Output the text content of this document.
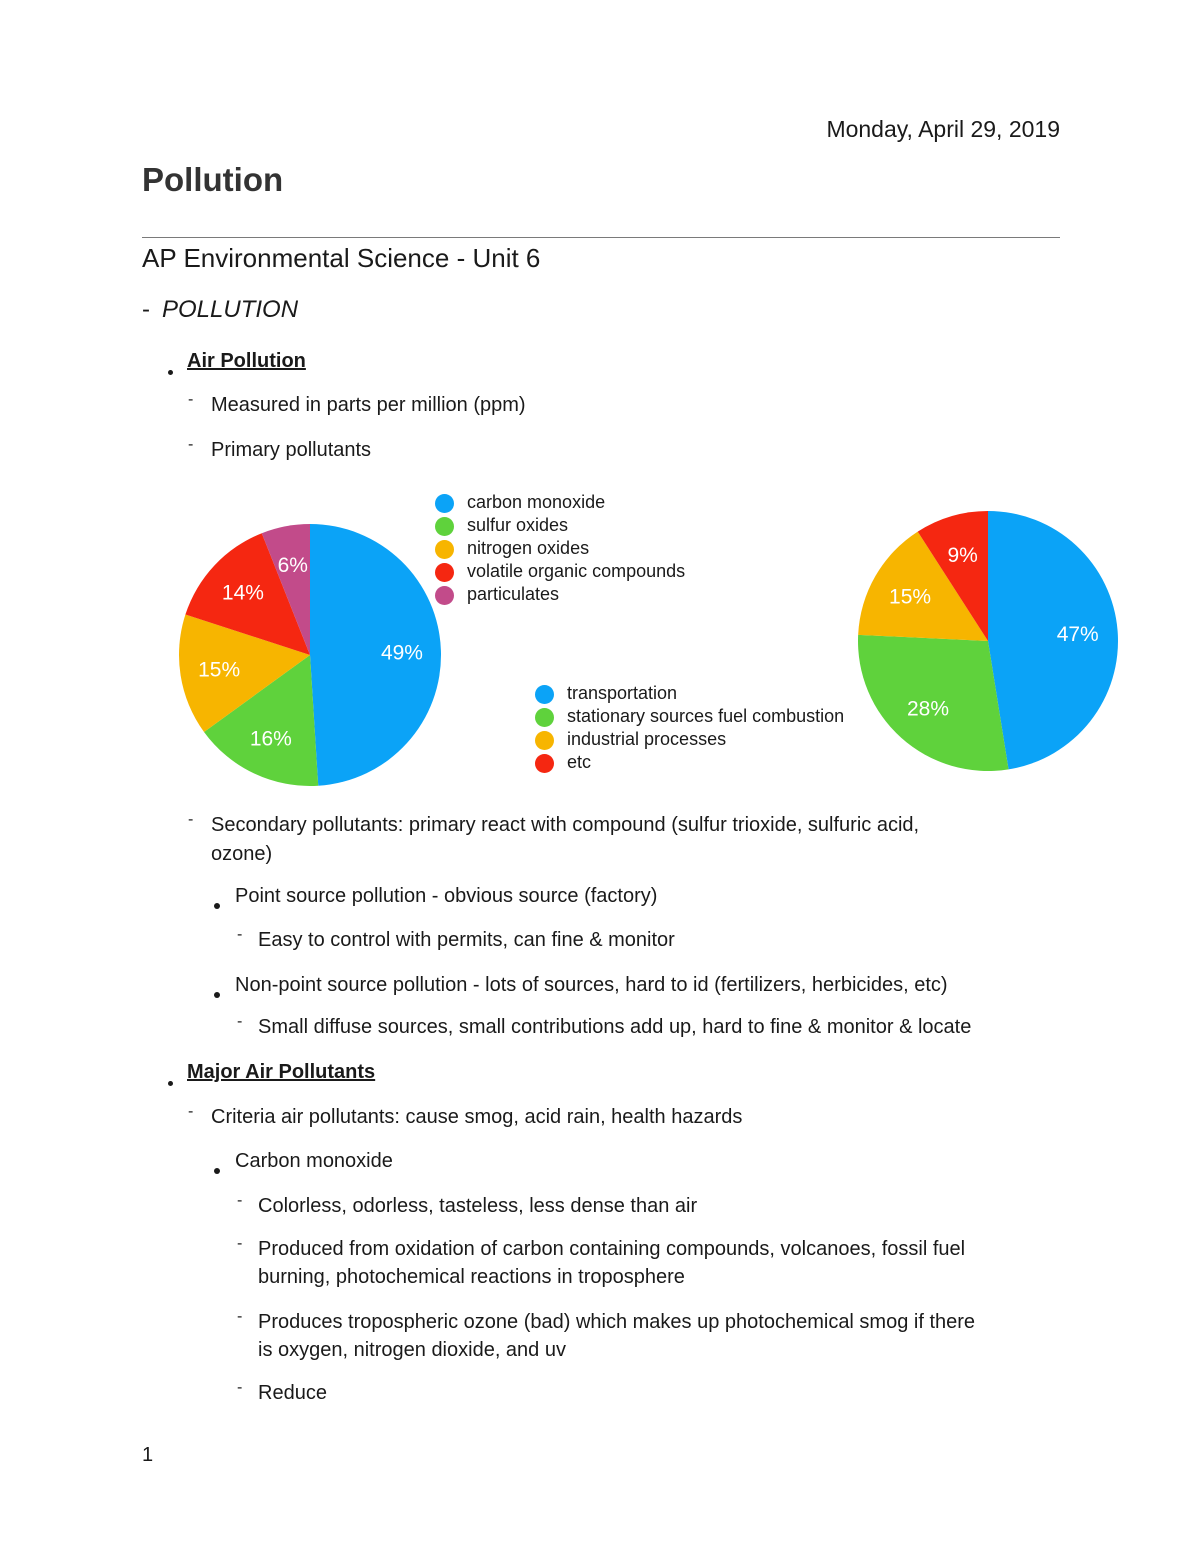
Monday, April 29, 2019
Pollution
AP Environmental Science - Unit 6
- POLLUTION
Air Pollution
- Measured in parts per million (ppm)
- Primary pollutants
49%
16%
15%
14%
6%
carbon monoxide
sulfur oxides
nitrogen oxides
volatile organic compounds
particulates
47%
28%
15%
9%
transportation
stationary sources fuel combustion
industrial processes
etc
- Secondary pollutants: primary react with compound (sulfur trioxide, sulfuric acid,
ozone)
Point source pollution - obvious source (factory)
- Easy to control with permits, can fine & monitor
Non-point source pollution - lots of sources, hard to id (fertilizers, herbicides, etc)
- Small diffuse sources, small contributions add up, hard to fine & monitor & locate
Major Air Pollutants
- Criteria air pollutants: cause smog, acid rain, health hazards
Carbon monoxide
- Colorless, odorless, tasteless, less dense than air
- Produced from oxidation of carbon containing compounds, volcanoes, fossil fuel
burning, photochemical reactions in troposphere
- Produces tropospheric ozone (bad) which makes up photochemical smog if there
is oxygen, nitrogen dioxide, and uv
- Reduce
1
